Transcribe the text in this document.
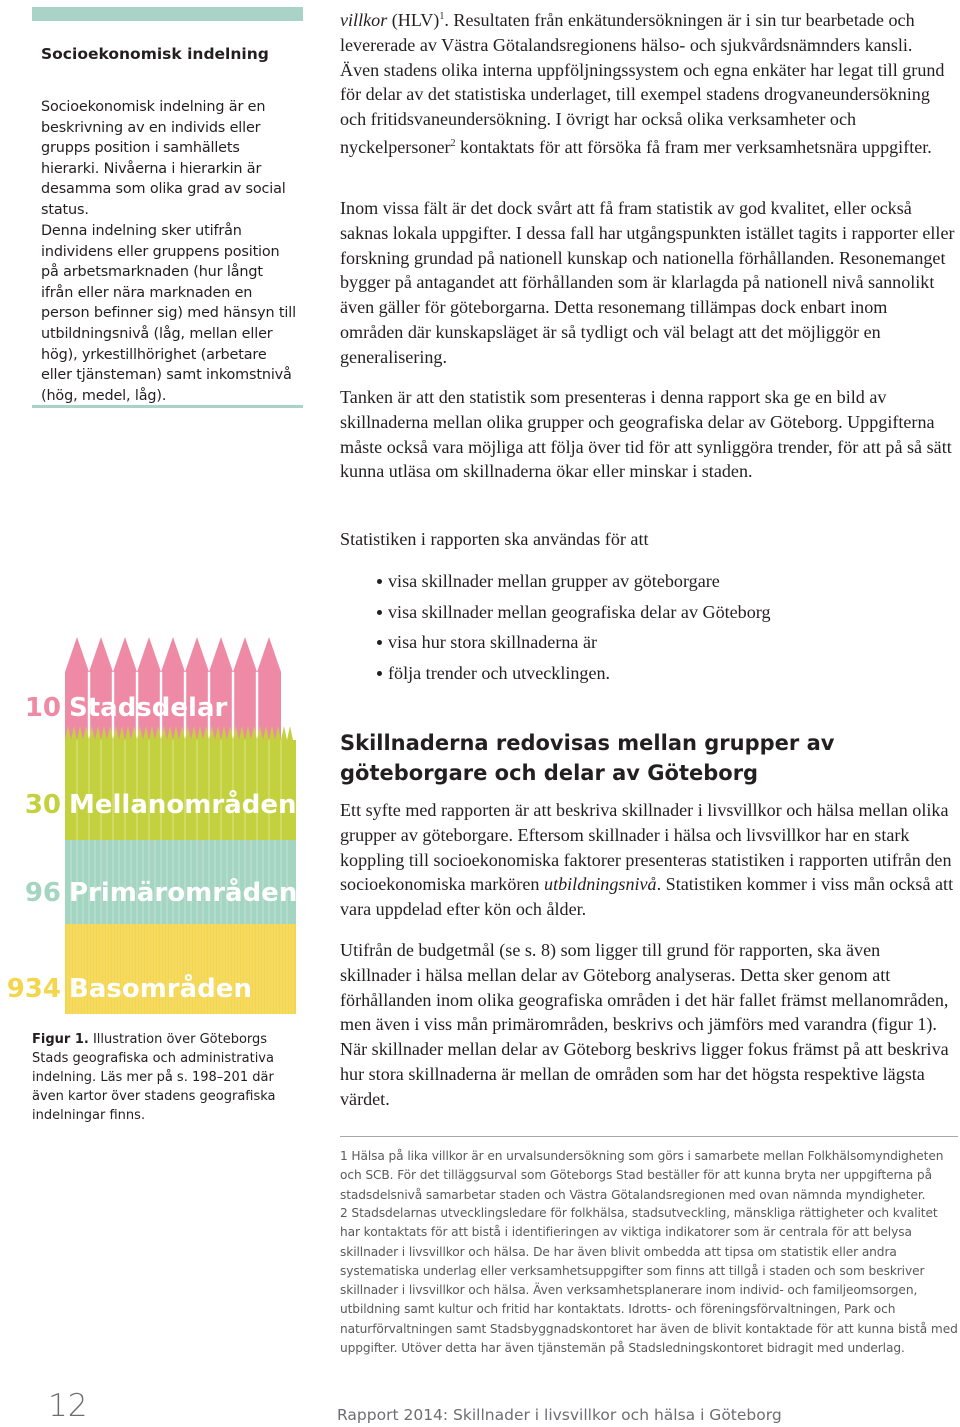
Socioekonomisk indelning
Socioekonomisk indelning är en beskrivning av en individs eller grupps position i samhällets hierarki. Nivåerna i hierarkin är desamma som olika grad av social status.
Denna indelning sker utifrån individens eller gruppens position på arbetsmarknaden (hur långt ifrån eller nära marknaden en person befinner sig) med hänsyn till utbildningsnivå (låg, mellan eller hög), yrkestillhörighet (arbetare eller tjänsteman) samt inkomstnivå (hög, medel, låg).
10 Stadsdelar
30 Mellanområden
96 Primärområden
934 Basområden
Figur 1. Illustration över Göteborgs Stads geografiska och administrativa indelning. Läs mer på s. 198–201 där även kartor över stadens geografiska indelningar finns.
villkor (HLV)$^1$. Resultaten från enkätundersökningen är i sin tur bearbetade och levererade av Västra Götalandsregionens hälso- och sjukvårdsnämnders kansli. Även stadens olika interna uppföljningssystem och egna enkäter har legat till grund för delar av det statistiska underlaget, till exempel stadens drogvaneundersökning och fritidsvaneundersökning. I övrigt har också olika verksamheter och nyckelpersoner$^2$ kontaktats för att försöka få fram mer verksamhetsnära uppgifter.
Inom vissa fält är det dock svårt att få fram statistik av god kvalitet, eller också saknas lokala uppgifter. I dessa fall har utgångspunkten istället tagits i rapporter eller forskning grundad på nationell kunskap och nationella förhållanden. Resonemanget bygger på antagandet att förhållanden som är klarlagda på nationell nivå sannolikt även gäller för göteborgarna. Detta resonemang tillämpas dock enbart inom områden där kunskapsläget är så tydligt och väl belagt att det möjliggör en generalisering.
Tanken är att den statistik som presenteras i denna rapport ska ge en bild av skillnaderna mellan olika grupper och geografiska delar av Göteborg. Uppgifterna måste också vara möjliga att följa över tid för att synliggöra trender, för att på så sätt kunna utläsa om skillnaderna ökar eller minskar i staden.
Statistiken i rapporten ska användas för att
visa skillnader mellan grupper av göteborgare
visa skillnader mellan geografiska delar av Göteborg
visa hur stora skillnaderna är
följa trender och utvecklingen.
Skillnaderna redovisas mellan grupper av göteborgare och delar av Göteborg
Ett syfte med rapporten är att beskriva skillnader i livsvillkor och hälsa mellan olika grupper av göteborgare. Eftersom skillnader i hälsa och livsvillkor har en stark koppling till socioekonomiska faktorer presenteras statistiken i rapporten utifrån den socioekonomiska markören utbildningsnivå. Statistiken kommer i viss mån också att vara uppdelad efter kön och ålder.
Utifrån de budgetmål (se s. 8) som ligger till grund för rapporten, ska även skillnader i hälsa mellan delar av Göteborg analyseras. Detta sker genom att förhållanden inom olika geografiska områden i det här fallet främst mellanområden, men även i viss mån primärområden, beskrivs och jämförs med varandra (figur 1). När skillnader mellan delar av Göteborg beskrivs ligger fokus främst på att beskriva hur stora skillnaderna är mellan de områden som har det högsta respektive lägsta värdet.
1 Hälsa på lika villkor är en urvalsundersökning som görs i samarbete mellan Folkhälsomyndigheten och SCB. För det tilläggsurval som Göteborgs Stad beställer för att kunna bryta ner uppgifterna på stadsdelsnivå samarbetar staden och Västra Götalandsregionen med ovan nämnda myndigheter.
2 Stadsdelarnas utvecklingsledare för folkhälsa, stadsutveckling, mänskliga rättigheter och kvalitet har kontaktats för att bistå i identifieringen av viktiga indikatorer som är centrala för att belysa skillnader i livsvillkor och hälsa. De har även blivit ombedda att tipsa om statistik eller andra systematiska underlag eller verksamhetsuppgifter som finns att tillgå i staden och som beskriver skillnader i livsvillkor och hälsa. Även verksamhetsplanerare inom individ- och familjeomsorgen, utbildning samt kultur och fritid har kontaktats. Idrotts- och föreningsförvaltningen, Park och naturförvaltningen samt Stadsbyggnadskontoret har även de blivit kontaktade för att kunna bistå med uppgifter. Utöver detta har även tjänstemän på Stadsledningskontoret bidragit med underlag.
12	Rapport 2014: Skillnader i livsvillkor och hälsa i Göteborg
